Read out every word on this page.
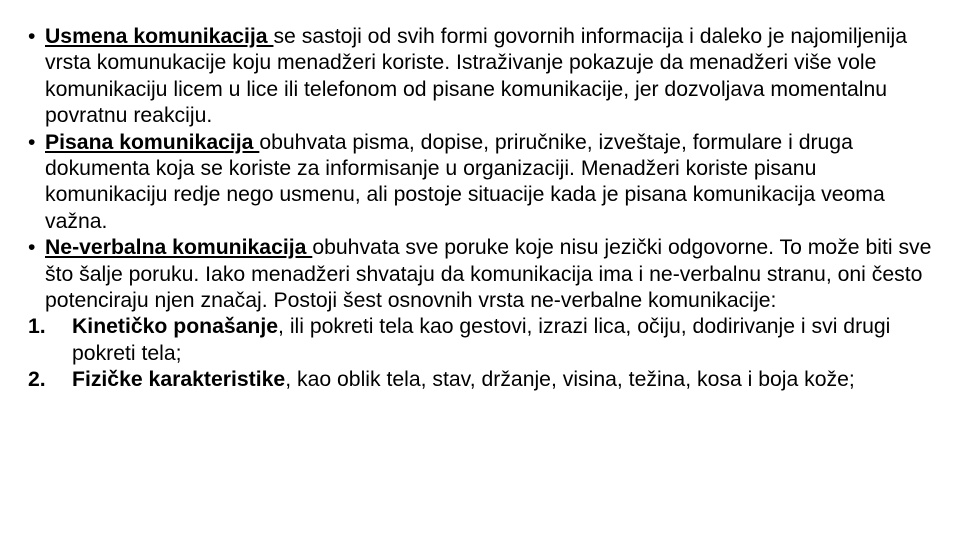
• Usmena komunikacija se sastoji od svih formi govornih informacija i daleko je najomiljenija vrsta komunukacije koju menadžeri koriste. Istraživanje pokazuje da menadžeri više vole komunikaciju licem u lice ili telefonom od pisane komunikacije, jer dozvoljava momentalnu povratnu reakciju.

• Pisana komunikacija obuhvata pisma, dopise, priručnike, izveštaje, formulare i druga dokumenta koja se koriste za informisanje u organizaciji. Menadžeri koriste pisanu komunikaciju redje nego usmenu, ali postoje situacije kada je pisana komunikacija veoma važna.

• Ne-verbalna komunikacija obuhvata sve poruke koje nisu jezički odgovorne. To može biti sve što šalje poruku. Iako menadžeri shvataju da komunikacija ima i ne-verbalnu stranu, oni često potenciraju njen značaj. Postoji šest osnovnih vrsta ne-verbalne komunikacije:

1. Kinetičko ponašanje, ili pokreti tela kao gestovi, izrazi lica, očiju, dodirivanje i svi drugi pokreti tela;

2. Fizičke karakteristike, kao oblik tela, stav, držanje, visina, težina, kosa i boja kože;
